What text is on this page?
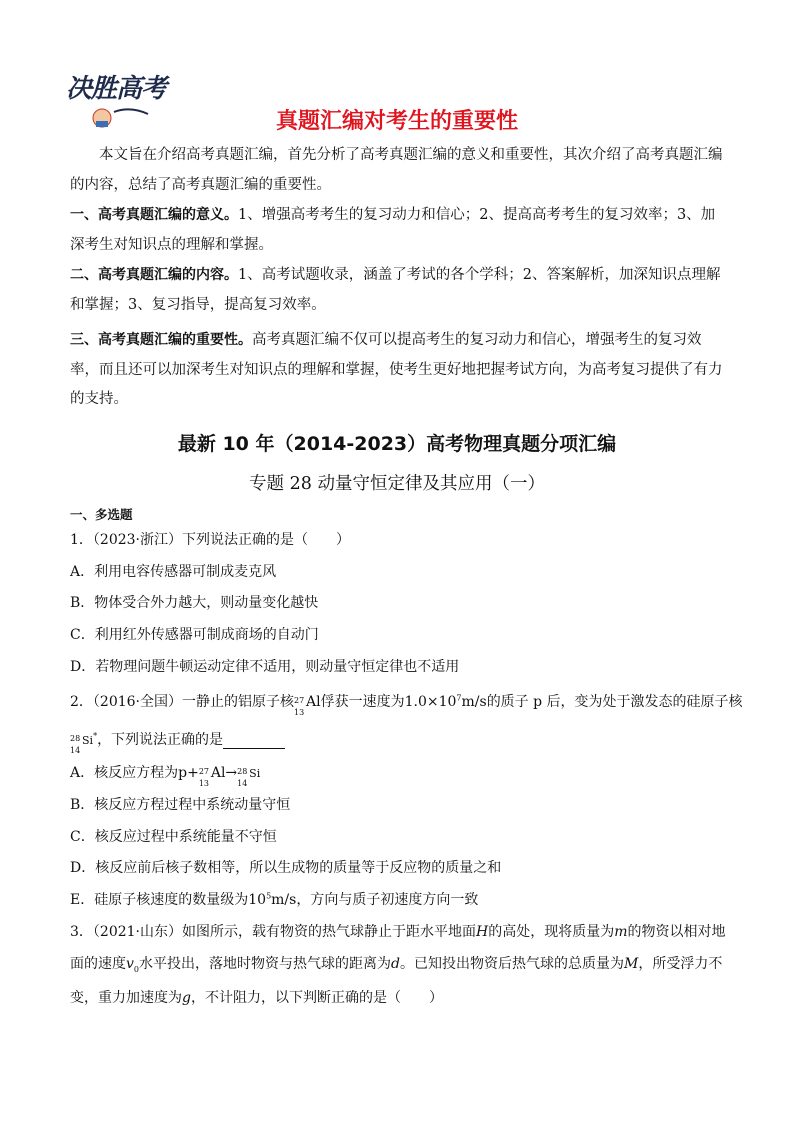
决胜高考
真题汇编对考生的重要性
本文旨在介绍高考真题汇编，首先分析了高考真题汇编的意义和重要性，其次介绍了高考真题汇编的内容，总结了高考真题汇编的重要性。
一、高考真题汇编的意义。1、增强高考考生的复习动力和信心；2、提高高考考生的复习效率；3、加深考生对知识点的理解和掌握。
二、高考真题汇编的内容。1、高考试题收录，涵盖了考试的各个学科；2、答案解析，加深知识点理解和掌握；3、复习指导，提高复习效率。
三、高考真题汇编的重要性。高考真题汇编不仅可以提高考生的复习动力和信心，增强考生的复习效率，而且还可以加深考生对知识点的理解和掌握，使考生更好地把握考试方向，为高考复习提供了有力的支持。
最新 10 年（2014-2023）高考物理真题分项汇编
专题 28 动量守恒定律及其应用（一）
一、多选题
1．（2023·浙江）下列说法正确的是（　　）
A．利用电容传感器可制成麦克风
B．物体受合外力越大，则动量变化越快
C．利用红外传感器可制成商场的自动门
D．若物理问题牛顿运动定律不适用，则动量守恒定律也不适用
2．（2016·全国）一静止的铝原子核 27
13
Al俘获一速度为$1.0\times 10^7m/s$的质子 p 后，变为处于激发态的硅原子核
28
14
Si*，下列说法正确的是
A．核反应方程为p+ 27
13
Al→ 28
14
Si
B．核反应方程过程中系统动量守恒
C．核反应过程中系统能量不守恒
D．核反应前后核子数相等，所以生成物的质量等于反应物的质量之和
E．硅原子核速度的数量级为$10^5m/s$，方向与质子初速度方向一致
3．（2021·山东）如图所示，载有物资的热气球静止于距水平地面H的高处，现将质量为m的物资以相对地
面的速度$v_0$水平投出，落地时物资与热气球的距离为d。已知投出物资后热气球的总质量为M，所受浮力不
变，重力加速度为g，不计阻力，以下判断正确的是（　　）
